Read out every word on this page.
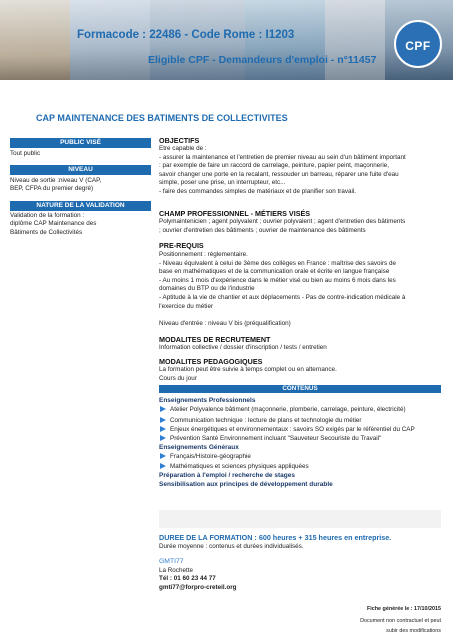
Formacode : 22486 - Code Rome : I1203
Eligible CPF - Demandeurs d'emploi - n°11457
CPF
CAP MAINTENANCE DES BATIMENTS DE COLLECTIVITES
PUBLIC VISÉ
Tout public
NIVEAU
Niveau de sortie :niveau V (CAP,
BEP, CFPA du premier degré)
NATURE DE LA VALIDATION
Validation de la formation :
diplôme CAP Maintenance des
Bâtiments de Collectivités
OBJECTIFS
Etre capable de :
- assurer la maintenance et l'entretien de premier niveau au sein d'un bâtiment important
: par exemple de faire un raccord de carrelage, peinture, papier peint, maçonnerie,
savoir changer une porte en la recalant, ressouder un barreau, réparer une fuite d'eau
simple, poser une prise, un interrupteur, etc...
- faire des commandes simples de matériaux et de planifier son travail.
CHAMP PROFESSIONNEL - MÉTIERS VISÉS
Polymaintenicien ; agent polyvalent ; ouvrier polyvalent ; agent d'entretien des bâtiments
; ouvrier d'entretien des bâtiments ; ouvrier de maintenance des bâtiments
PRE-REQUIS
Positionnement : réglementaire.
- Niveau équivalent à celui de 3ème des collèges en France : maîtrise des savoirs de
base en mathématiques et de la communication orale et écrite en langue française
- Au moins 1 mois d'expérience dans le métier visé ou bien au moins 6 mois dans les
domaines du BTP ou de l'industrie
- Aptitude à la vie de chantier et aux déplacements - Pas de contre-indication médicale à
l'exercice du métier
Niveau d'entrée : niveau V bis (préqualification)
MODALITES DE RECRUTEMENT
Information collective / dossier d'inscription / tests / entretien
MODALITES PEDAGOGIQUES
La formation peut être suivie à temps complet ou en alternance.
Cours du jour
CONTENUS
Enseignements Professionnels
Atelier Polyvalence bâtiment (maçonnerie, plomberie, carrelage, peinture, électricité)
Communication technique : lecture de plans et technologie du métier
Enjeux énergétiques et environnementaux : savoirs SO exigés par le référentiel du CAP
Prévention Santé Environnement incluant "Sauveteur Secouriste du Travail"
Enseignements Généraux
Français/Histoire-géographie
Mathématiques et sciences physiques appliquées
Préparation à l'emploi / recherche de stages
Sensibilisation aux principes de développement durable
DUREE DE LA FORMATION : 600 heures + 315 heures en entreprise.
Durée moyenne : contenus et durées individualisés.
GMTI77
La Rochette
Tél : 01 60 23 44 77
gmti77@forpro-creteil.org
Fiche générée le : 17/10/2015
Document non contractuel et peut
subir des modifications
